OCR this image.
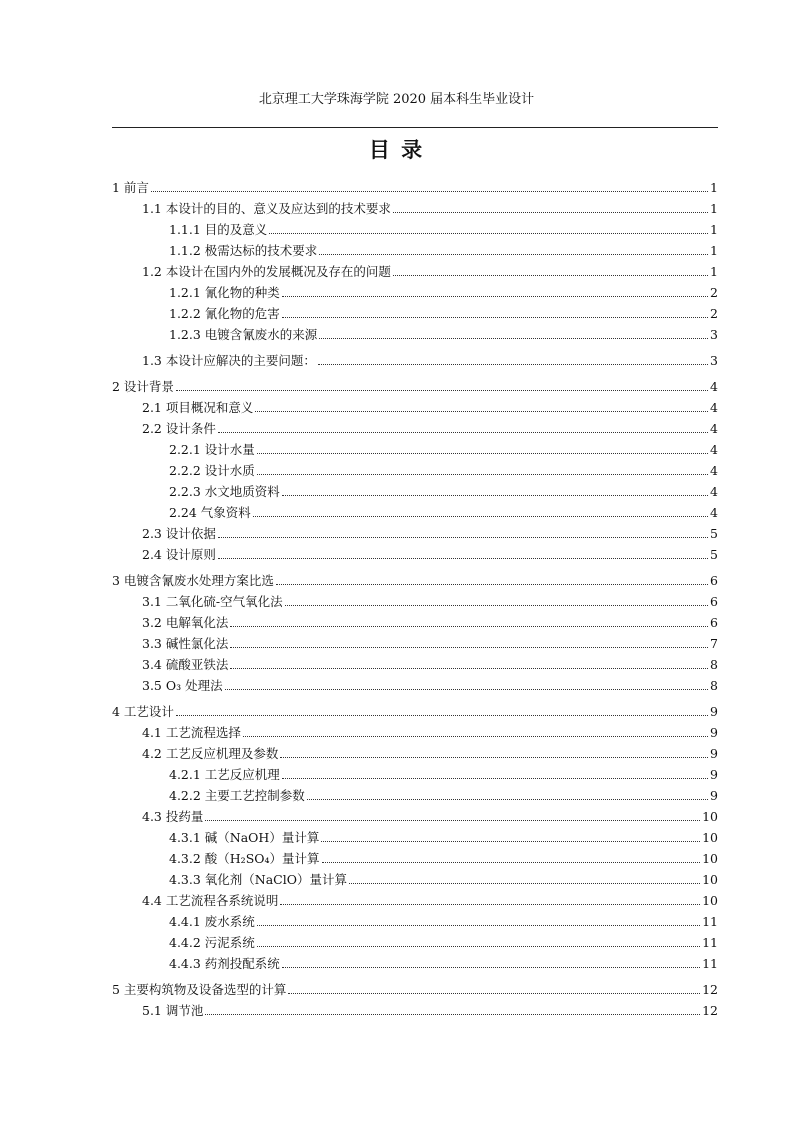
北京理工大学珠海学院 2020 届本科生毕业设计
目 录
1 前言	1
1.1 本设计的目的、意义及应达到的技术要求	1
1.1.1 目的及意义	1
1.1.2 极需达标的技术要求	1
1.2 本设计在国内外的发展概况及存在的问题	1
1.2.1 氰化物的种类	2
1.2.2 氰化物的危害	2
1.2.3 电镀含氰废水的来源	3
1.3 本设计应解决的主要问题：	3
2 设计背景	4
2.1 项目概况和意义	4
2.2 设计条件	4
2.2.1 设计水量	4
2.2.2 设计水质	4
2.2.3 水文地质资料	4
2.24 气象资料	4
2.3 设计依据	5
2.4 设计原则	5
3 电镀含氰废水处理方案比选	6
3.1 二氧化硫-空气氧化法	6
3.2 电解氧化法	6
3.3 碱性氯化法	7
3.4 硫酸亚铁法	8
3.5 O₃ 处理法	8
4 工艺设计	9
4.1 工艺流程选择	9
4.2 工艺反应机理及参数	9
4.2.1 工艺反应机理	9
4.2.2 主要工艺控制参数	9
4.3 投药量	10
4.3.1 碱（NaOH）量计算	10
4.3.2 酸（H₂SO₄）量计算	10
4.3.3 氧化剂（NaClO）量计算	10
4.4 工艺流程各系统说明	10
4.4.1 废水系统	11
4.4.2 污泥系统	11
4.4.3 药剂投配系统	11
5 主要构筑物及设备选型的计算	12
5.1 调节池	12
